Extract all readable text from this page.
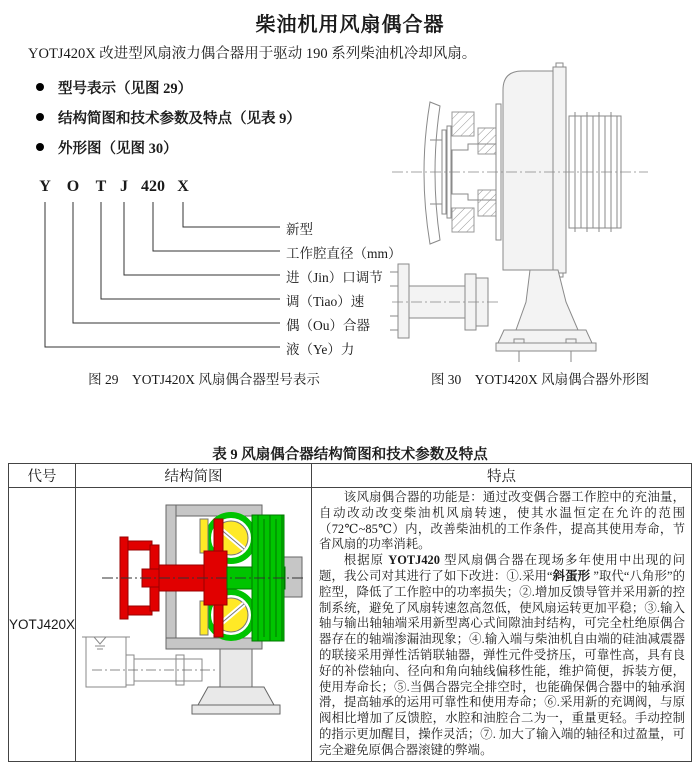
柴油机用风扇偶合器
YOTJ420X 改进型风扇液力偶合器用于驱动 190 系列柴油机冷却风扇。
型号表示（见图 29）
结构简图和技术参数及特点（见表 9）
外形图（见图 30）
Y O T J 420 X
新型
工作腔直径（mm）
进（Jin）口调节
调（Tiao）速
偶（Ou）合器
液（Ye）力
图 29　YOTJ420X 风扇偶合器型号表示	图 30　YOTJ420X 风扇偶合器外形图
表 9 风扇偶合器结构简图和技术参数及特点
代号	结构简图	特点
YOTJ420X		该风扇偶合器的功能是：通过改变偶合器工作腔中的充油量，自动改动改变柴油机风扇转速，使其水温恒定在允许的范围（72℃~85℃）内，改善柴油机的工作条件，提高其使用寿命，节省风扇的功率消耗。

根据原 YOTJ420 型风扇偶合器在现场多年使用中出现的问题，我公司对其进行了如下改进：①.采用“斜蛋形 ”取代“八角形”的腔型，降低了工作腔中的功率损失；②.增加反馈导管并采用新的控制系统，避免了风扇转速忽高忽低，使风扇运转更加平稳；③.输入轴与输出轴轴端采用新型离心式间隙油封结构，可完全杜绝原偶合器存在的轴端渗漏油现象；④.输入端与柴油机自由端的硅油减震器的联接采用弹性活销联轴器，弹性元件受挤压，可靠性高，具有良好的补偿轴向、径向和角向轴线偏移性能，维护简便，拆装方便，使用寿命长；⑤.当偶合器完全排空时，也能确保偶合器中的轴承润滑，提高轴承的运用可靠性和使用寿命；⑥.采用新的充调阀，与原阀相比增加了反馈腔，水腔和油腔合二为一，重量更轻。手动控制的指示更加醒目，操作灵活；⑦. 加大了输入端的轴径和过盈量，可完全避免原偶合器滚键的弊端。
